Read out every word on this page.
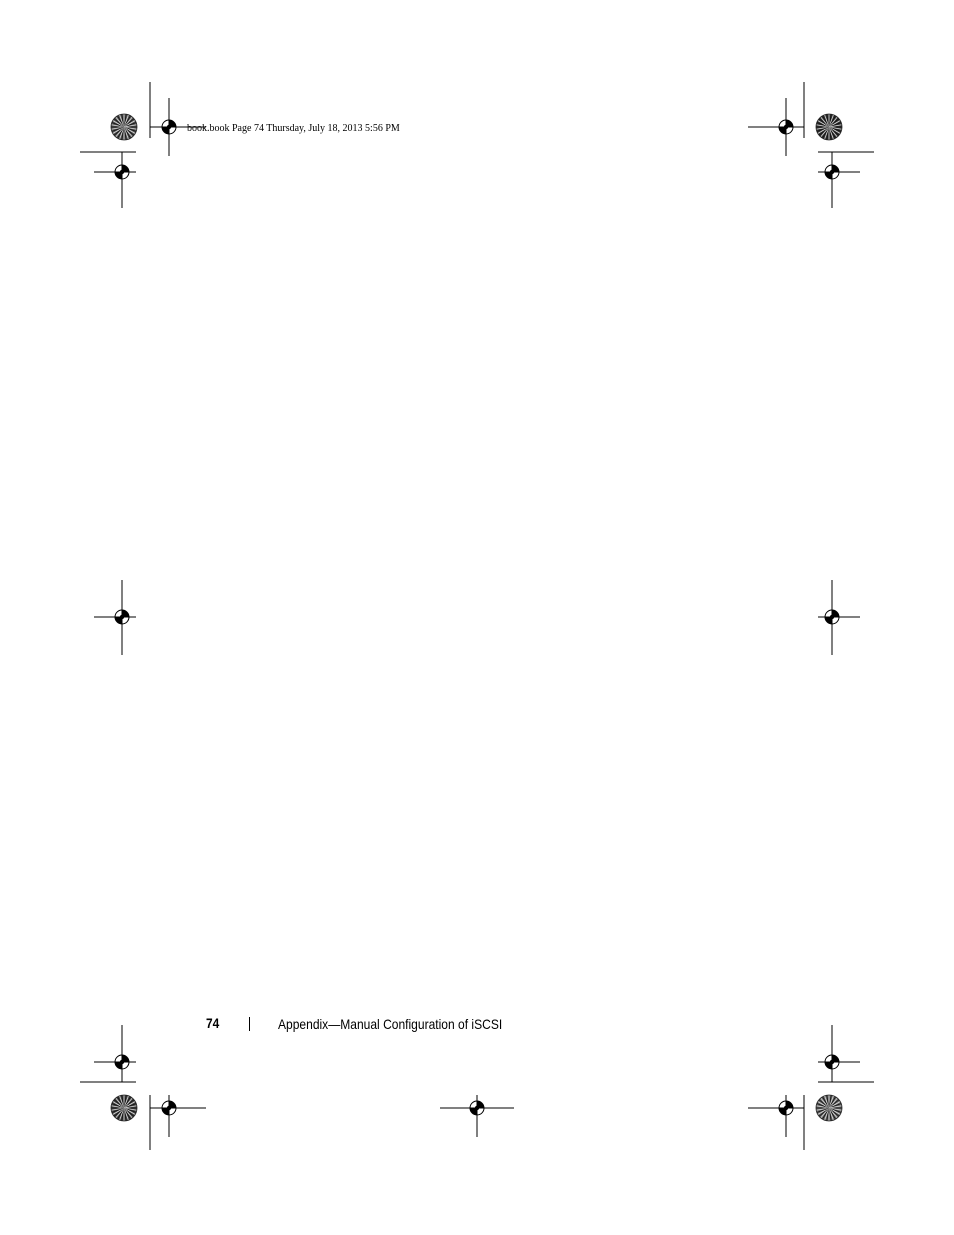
book.book Page 74 Thursday, July 18, 2013 5:56 PM
74	Appendix—Manual Configuration of iSCSI
